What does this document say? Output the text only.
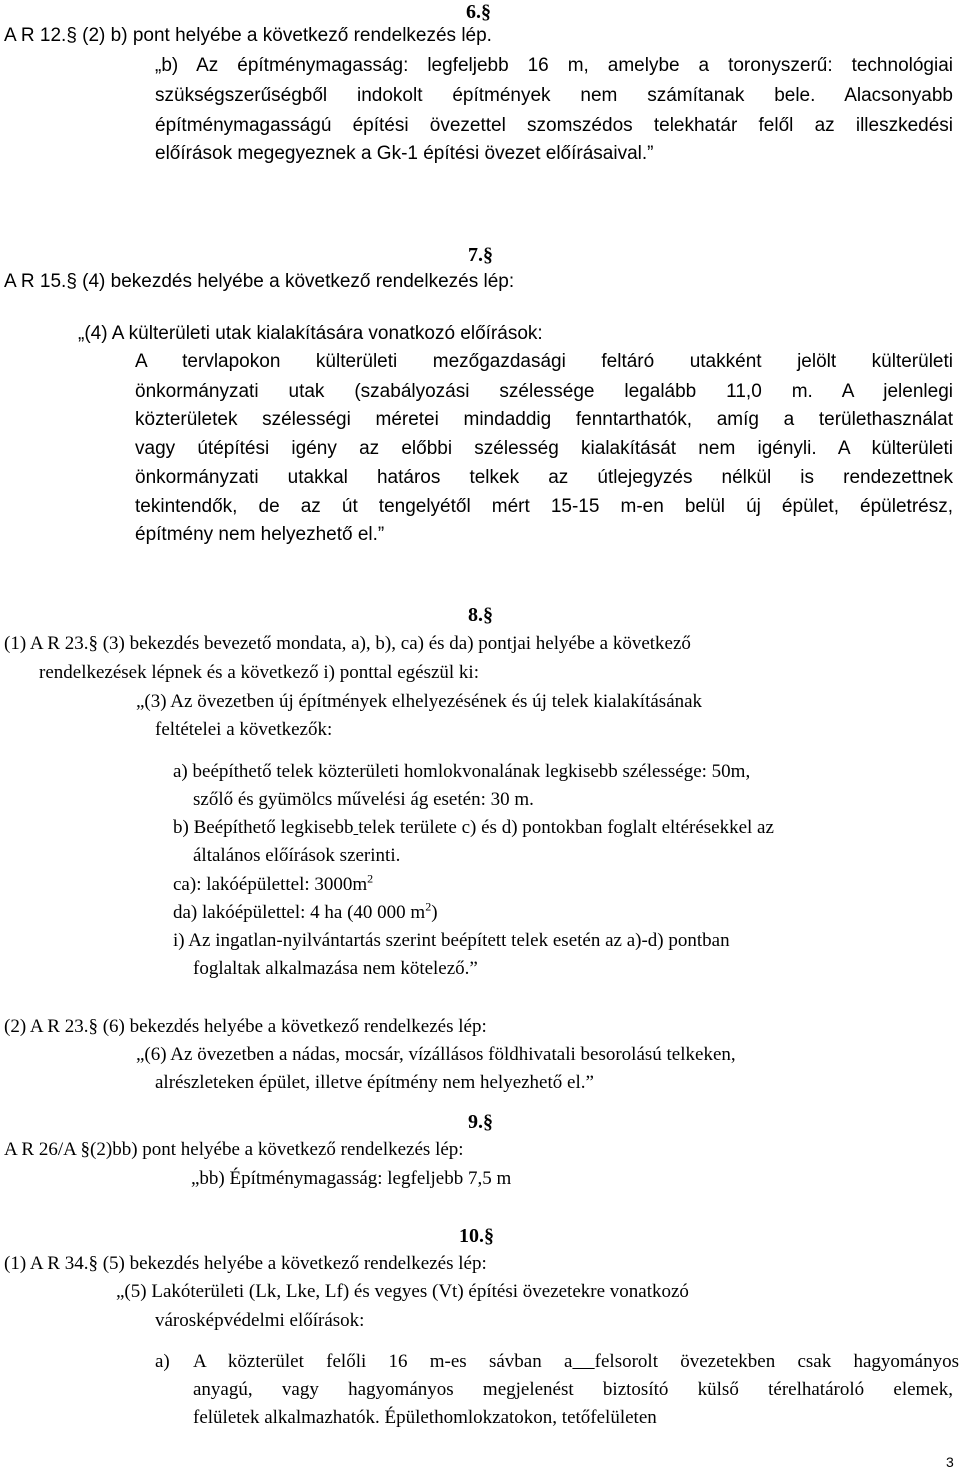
6.§
A R 12.§ (2) b) pont helyébe a következő rendelkezés lép.
„b) Az építménymagasság: legfeljebb 16 m, amelybe a toronyszerű: technológiai
szükségszerűségből indokolt építmények nem számítanak bele. Alacsonyabb
építménymagasságú építési övezettel szomszédos telekhatár felől az illeszkedési
előírások megegyeznek a Gk-1 építési övezet előírásaival.”
7.§
A R 15.§ (4) bekezdés helyébe a következő rendelkezés lép:
„(4) A külterületi utak kialakítására vonatkozó előírások:
A tervlapokon külterületi mezőgazdasági feltáró utakként jelölt külterületi
önkormányzati utak (szabályozási szélessége legalább 11,0 m. A jelenlegi
közterületek szélességi méretei mindaddig fenntarthatók, amíg a területhasználat
vagy útépítési igény az előbbi szélesség kialakítását nem igényli. A külterületi
önkormányzati utakkal határos telkek az útlejegyzés nélkül is rendezettnek
tekintendők, de az út tengelyétől mért 15-15 m-en belül új épület, épületrész,
építmény nem helyezhető el.”
8.§
(1) A R 23.§ (3) bekezdés bevezető mondata, a), b), ca) és da) pontjai helyébe a következő
rendelkezések lépnek és a következő i) ponttal egészül ki:
„(3) Az övezetben új építmények elhelyezésének és új telek kialakításának
feltételei a következők:
a) beépíthető telek közterületi homlokvonalának legkisebb szélessége: 50m,
szőlő és gyümölcs művelési ág esetén: 30 m.
b) Beépíthető legkisebb telek területe c) és d) pontokban foglalt eltérésekkel az
általános előírások szerinti.
ca): lakóépülettel: $3000m^2$
da) lakóépülettel: 4 ha (40 000 $m^2$)
i) Az ingatlan-nyilvántartás szerint beépített telek esetén az a)-d) pontban
foglaltak alkalmazása nem kötelező.”
(2) A R 23.§ (6) bekezdés helyébe a következő rendelkezés lép:
„(6) Az övezetben a nádas, mocsár, vízállásos földhivatali besorolású telkeken,
alrészleteken épület, illetve építmény nem helyezhető el.”
9.§
A R 26/A §(2)bb) pont helyébe a következő rendelkezés lép:
„bb) Építménymagasság: legfeljebb 7,5 m
10.§
(1) A R 34.§ (5) bekezdés helyébe a következő rendelkezés lép:
„(5) Lakóterületi (Lk, Lke, Lf) és vegyes (Vt) építési övezetekre vonatkozó
városképvédelmi előírások:
a) A közterület felőli 16 m-es sávban a felsorolt övezetekben csak hagyományos
anyagú, vagy hagyományos megjelenést biztosító külső térelhatároló elemek,
felületek alkalmazhatók. Épülethomlokzatokon, tetőfelületen
3
